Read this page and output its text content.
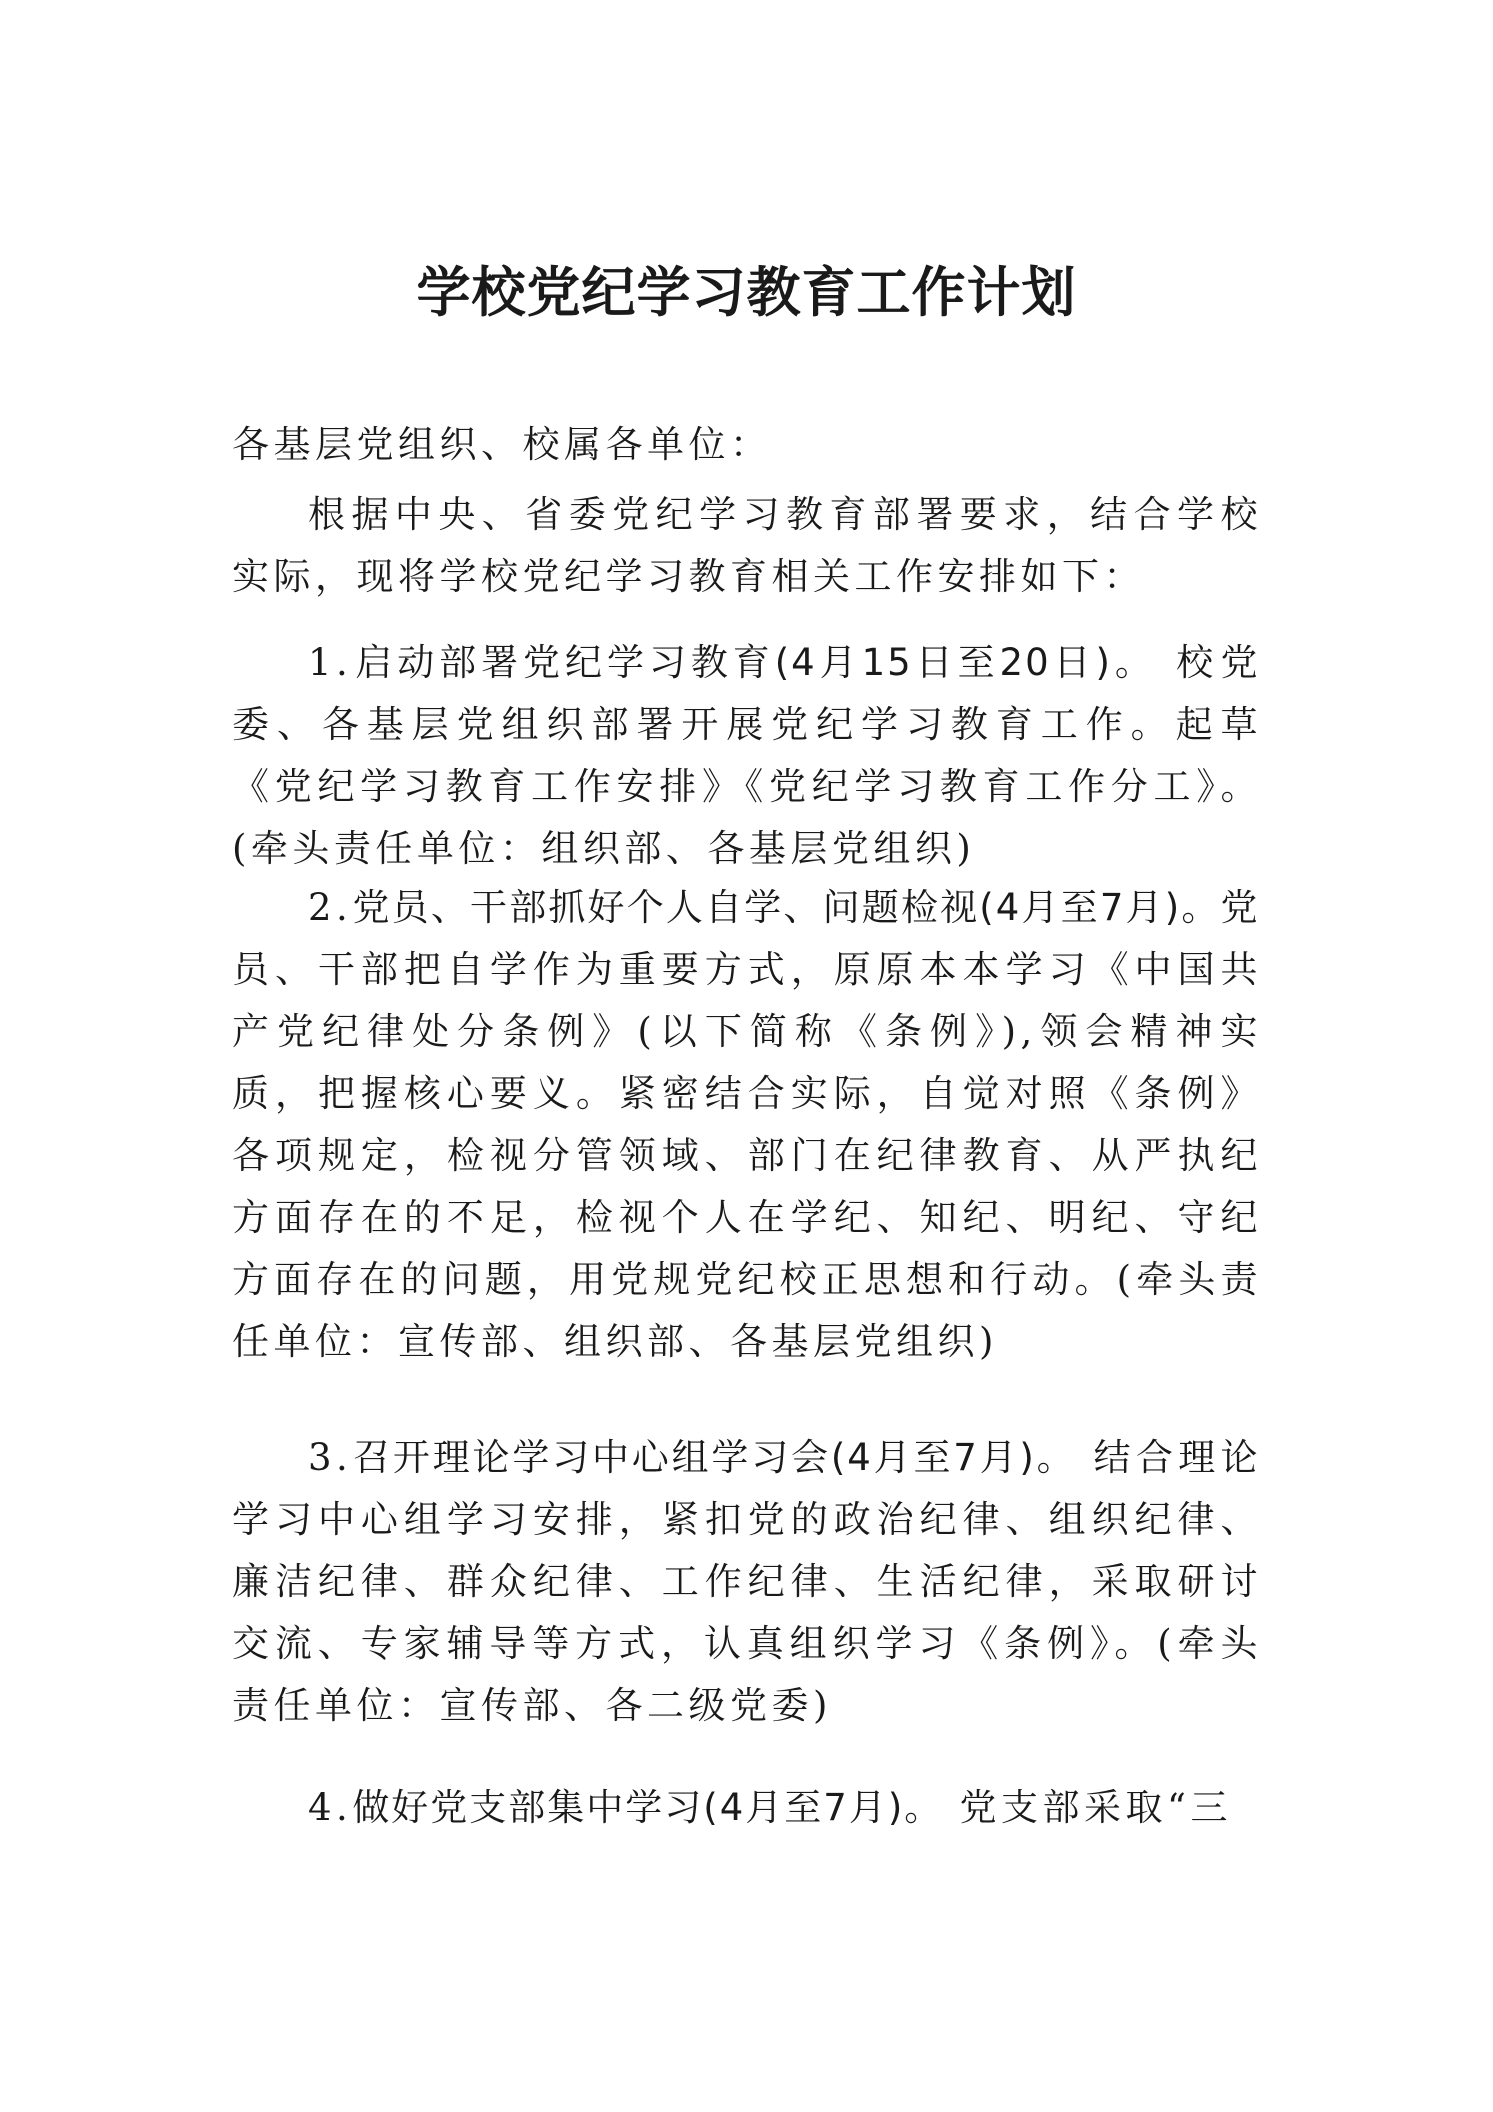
学校党纪学习教育工作计划

各基层党组织、校属各单位：

根据中央、省委党纪学习教育部署要求，结合学校实际，现将学校党纪学习教育相关工作安排如下：

1.启动部署党纪学习教育(4月15日至20日)。 校党委、各基层党组织部署开展党纪学习教育工作。起草《党纪学习教育工作安排》《党纪学习教育工作分工》。(牵头责任单位：组织部、各基层党组织)

2.党员、干部抓好个人自学、问题检视(4月至7月)。党员、干部把自学作为重要方式，原原本本学习《中国共产党纪律处分条例》(以下简称《条例》),领会精神实质，把握核心要义。紧密结合实际，自觉对照《条例》各项规定，检视分管领域、部门在纪律教育、从严执纪方面存在的不足，检视个人在学纪、知纪、明纪、守纪方面存在的问题，用党规党纪校正思想和行动。(牵头责任单位：宣传部、组织部、各基层党组织)

3.召开理论学习中心组学习会(4月至7月)。 结合理论学习中心组学习安排，紧扣党的政治纪律、组织纪律、廉洁纪律、群众纪律、工作纪律、生活纪律，采取研讨交流、专家辅导等方式，认真组织学习《条例》。(牵头责任单位：宣传部、各二级党委)

4.做好党支部集中学习(4月至7月)。 党支部采取“三
